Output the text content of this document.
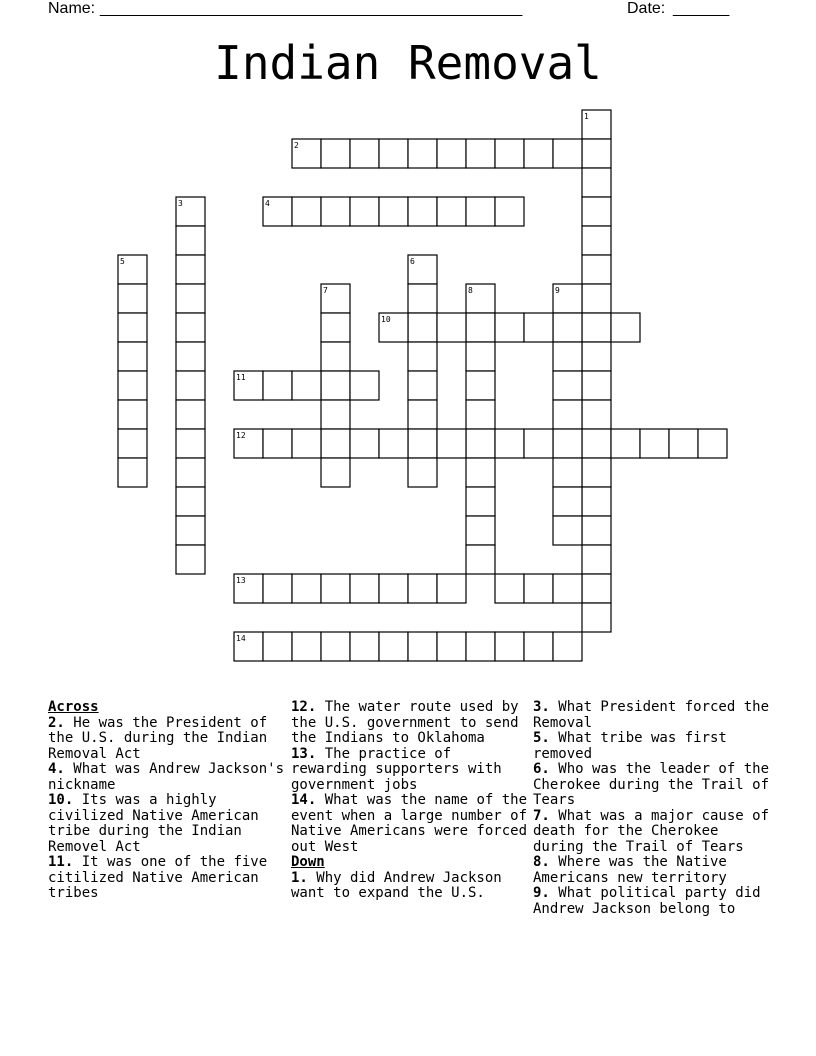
Name: ______________________________________________________	Date: _______
Indian Removal
1
2
3	4
5	6
7	8	9
10
11
12
13
14

Across

2. He was the President of the U.S. during the Indian Removal Act

4. What was Andrew Jackson's nickname

10. Its was a highly civilized Native American tribe during the Indian Removel Act

11. It was one of the five citilized Native American tribes

12. The water route used by the U.S. government to send the Indians to Oklahoma

13. The practice of rewarding supporters with government jobs

14. What was the name of the event when a large number of Native Americans were forced out West

Down

1. Why did Andrew Jackson want to expand the U.S.

3. What President forced the Removal

5. What tribe was first removed

6. Who was the leader of the Cherokee during the Trail of Tears

7. What was a major cause of death for the Cherokee during the Trail of Tears

8. Where was the Native Americans new territory

9. What political party did Andrew Jackson belong to
